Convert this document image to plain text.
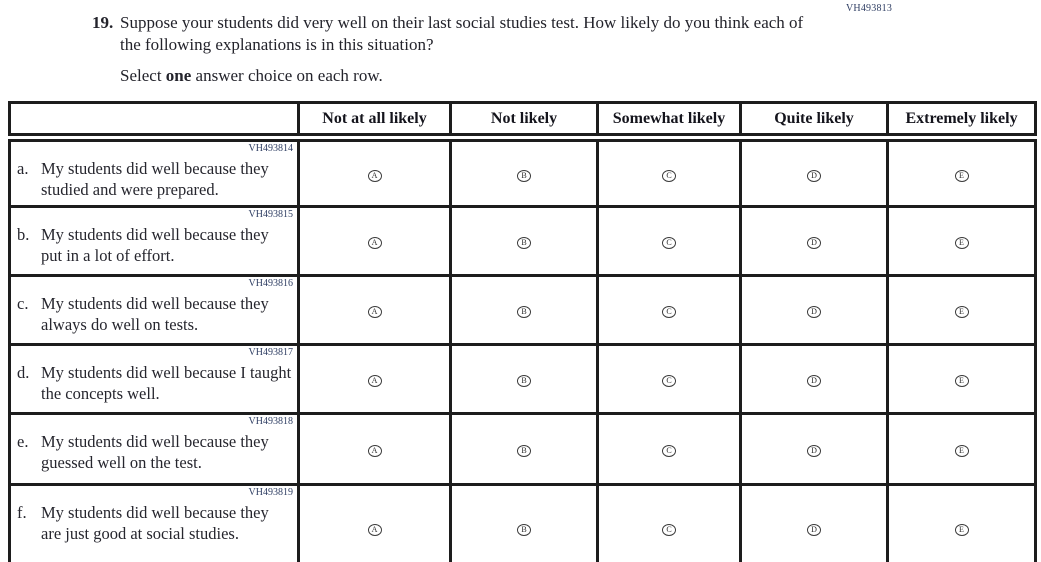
VH493813
19. Suppose your students did very well on their last social studies test. How likely do you think each of the following explanations is in this situation?

Select one answer choice on each row.

	Not at all likely	Not likely	Somewhat likely	Quite likely	Extremely likely

VH493814
a. My students did well because they studied and were prepared.	A	B	C	D	E

VH493815
b. My students did well because they put in a lot of effort.	A	B	C	D	E

VH493816
c. My students did well because they always do well on tests.	A	B	C	D	E

VH493817
d. My students did well because I taught the concepts well.	A	B	C	D	E

VH493818
e. My students did well because they guessed well on the test.	A	B	C	D	E

VH493819
f. My students did well because they are just good at social studies.	A	B	C	D	E
